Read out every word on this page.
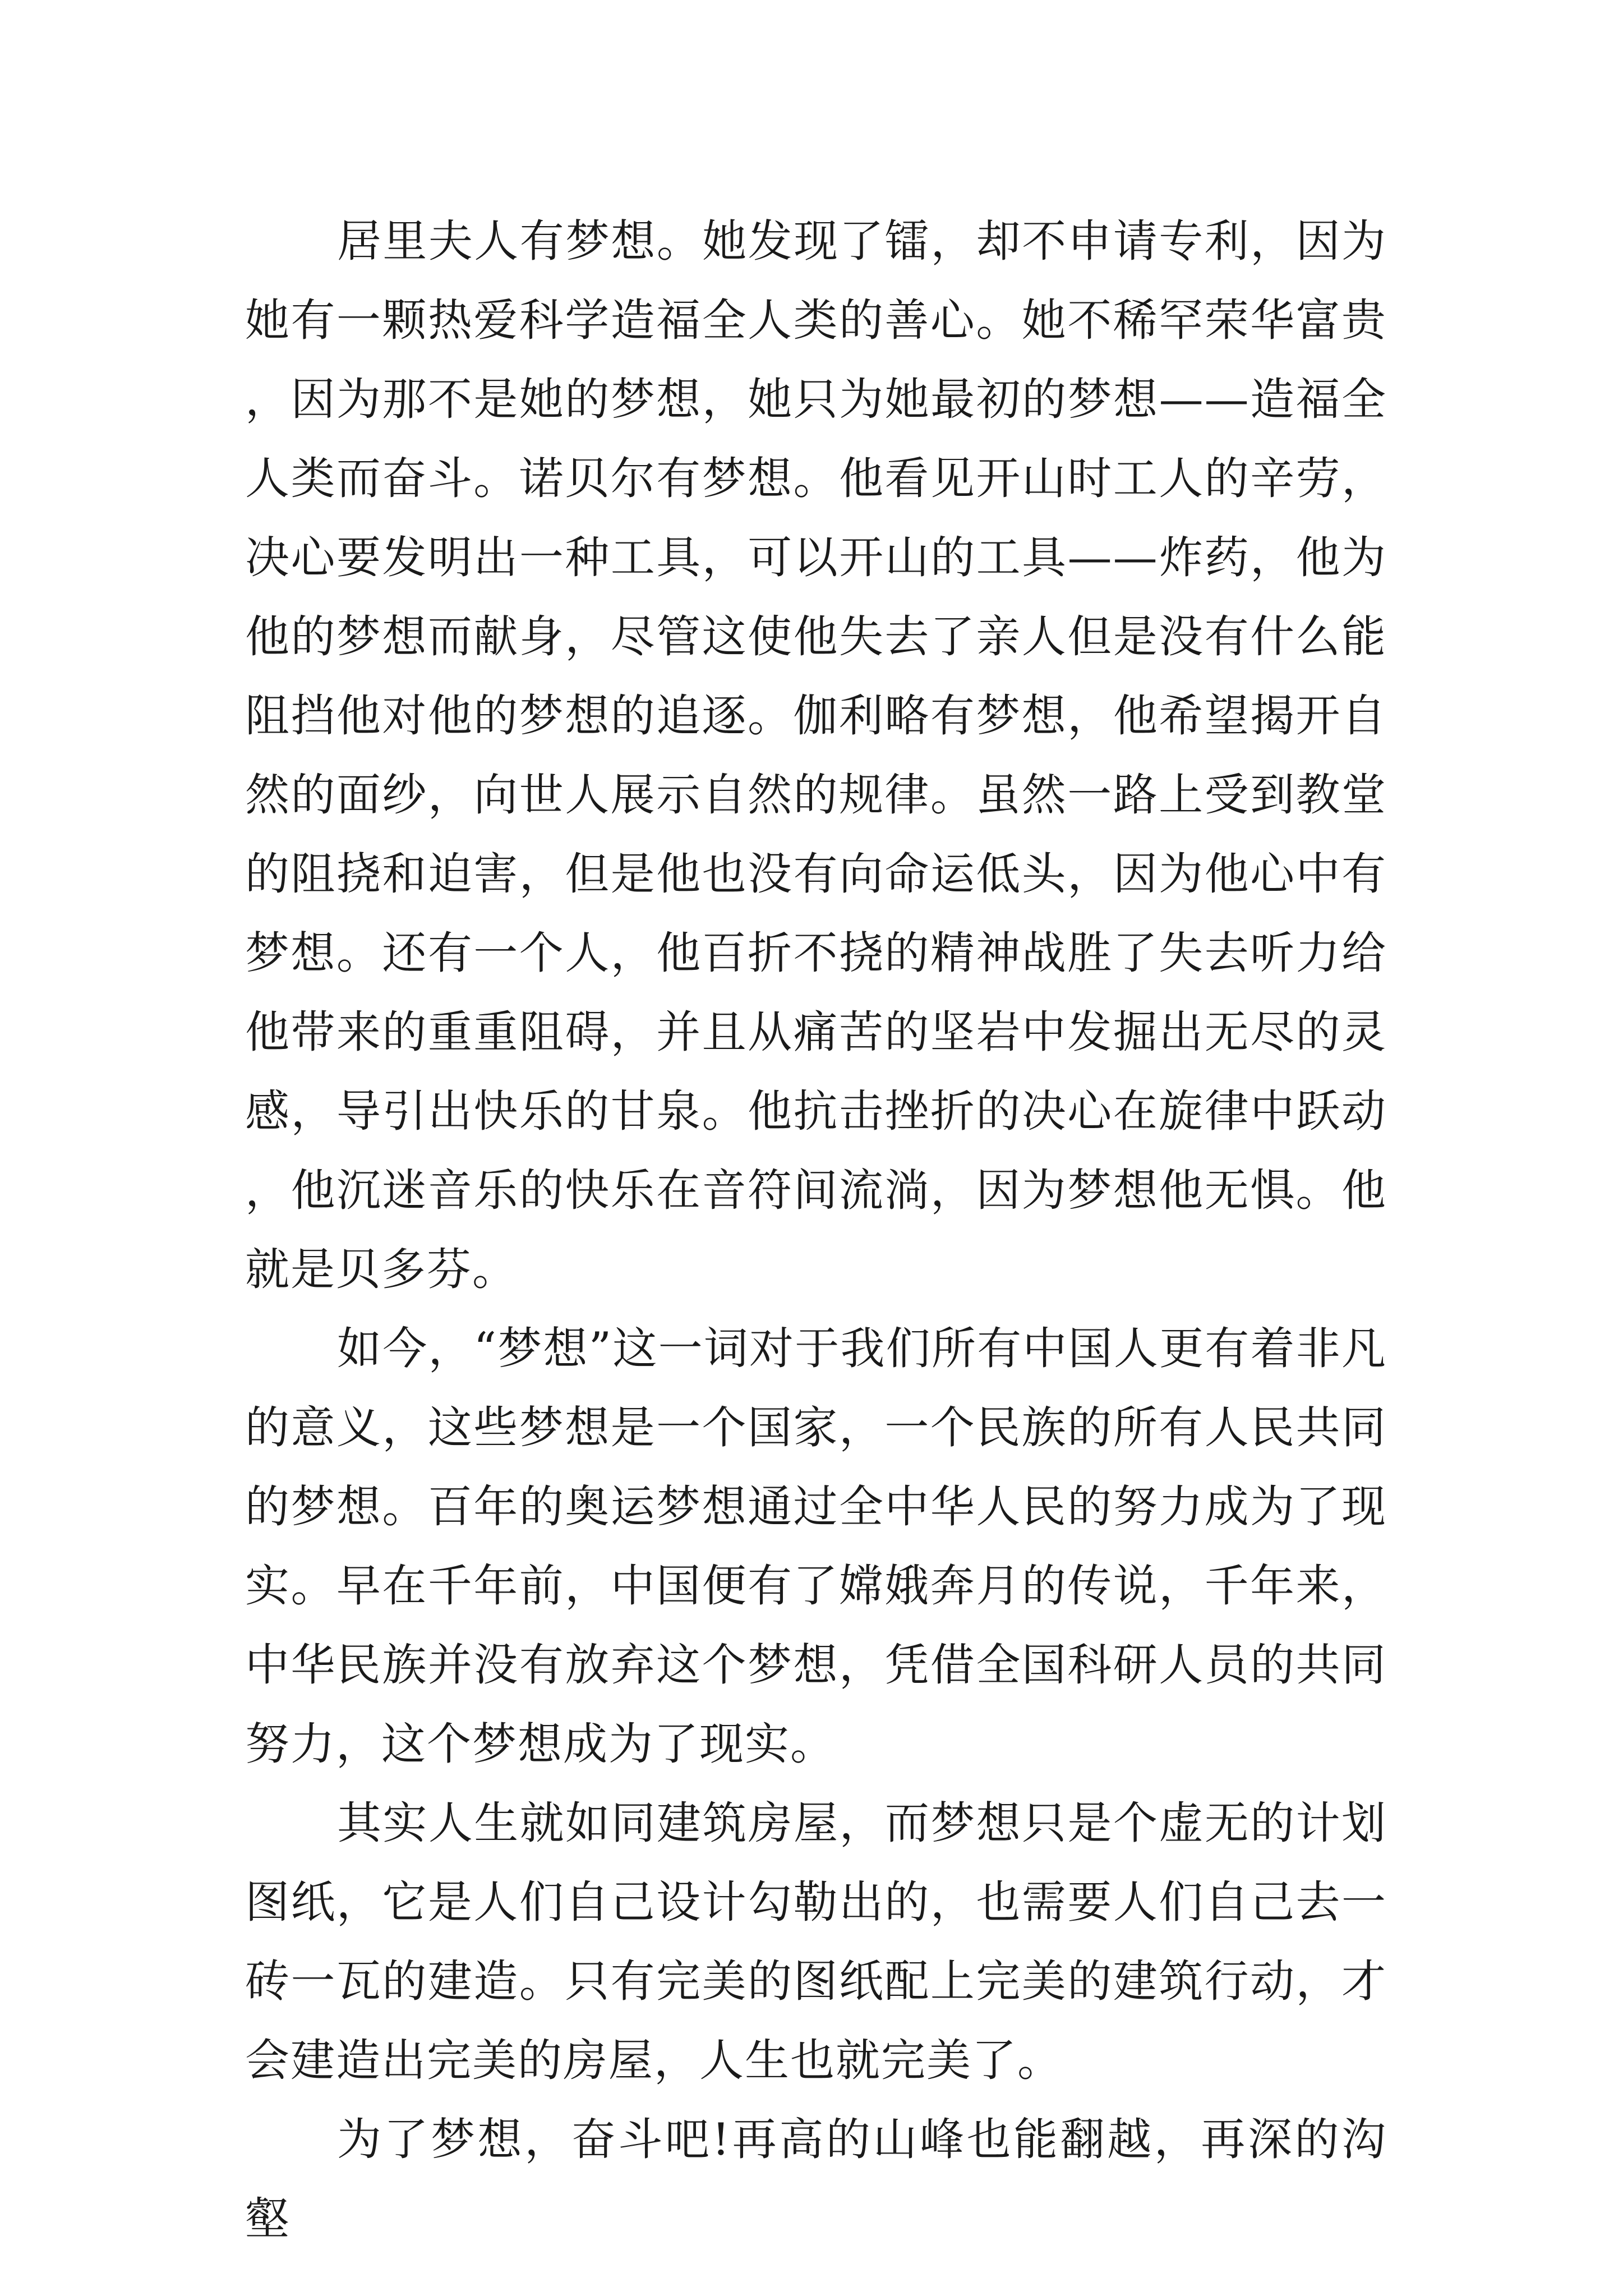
居里夫人有梦想。她发现了镭，却不申请专利，因为她有一颗热爱科学造福全人类的善心。她不稀罕荣华富贵，因为那不是她的梦想，她只为她最初的梦想——造福全人类而奋斗。诺贝尔有梦想。他看见开山时工人的辛劳，决心要发明出一种工具，可以开山的工具——炸药，他为他的梦想而献身，尽管这使他失去了亲人但是没有什么能阻挡他对他的梦想的追逐。伽利略有梦想，他希望揭开自然的面纱，向世人展示自然的规律。虽然一路上受到教堂的阻挠和迫害，但是他也没有向命运低头，因为他心中有梦想。还有一个人，他百折不挠的精神战胜了失去听力给他带来的重重阻碍，并且从痛苦的坚岩中发掘出无尽的灵感，导引出快乐的甘泉。他抗击挫折的决心在旋律中跃动，他沉迷音乐的快乐在音符间流淌，因为梦想他无惧。他就是贝多芬。

如今，“梦想”这一词对于我们所有中国人更有着非凡的意义，这些梦想是一个国家，一个民族的所有人民共同的梦想。百年的奥运梦想通过全中华人民的努力成为了现实。早在千年前，中国便有了嫦娥奔月的传说，千年来，中华民族并没有放弃这个梦想，凭借全国科研人员的共同努力，这个梦想成为了现实。

其实人生就如同建筑房屋，而梦想只是个虚无的计划图纸，它是人们自己设计勾勒出的，也需要人们自己去一砖一瓦的建造。只有完美的图纸配上完美的建筑行动，才会建造出完美的房屋，人生也就完美了。

为了梦想，奋斗吧!再高的山峰也能翻越，再深的沟壑
